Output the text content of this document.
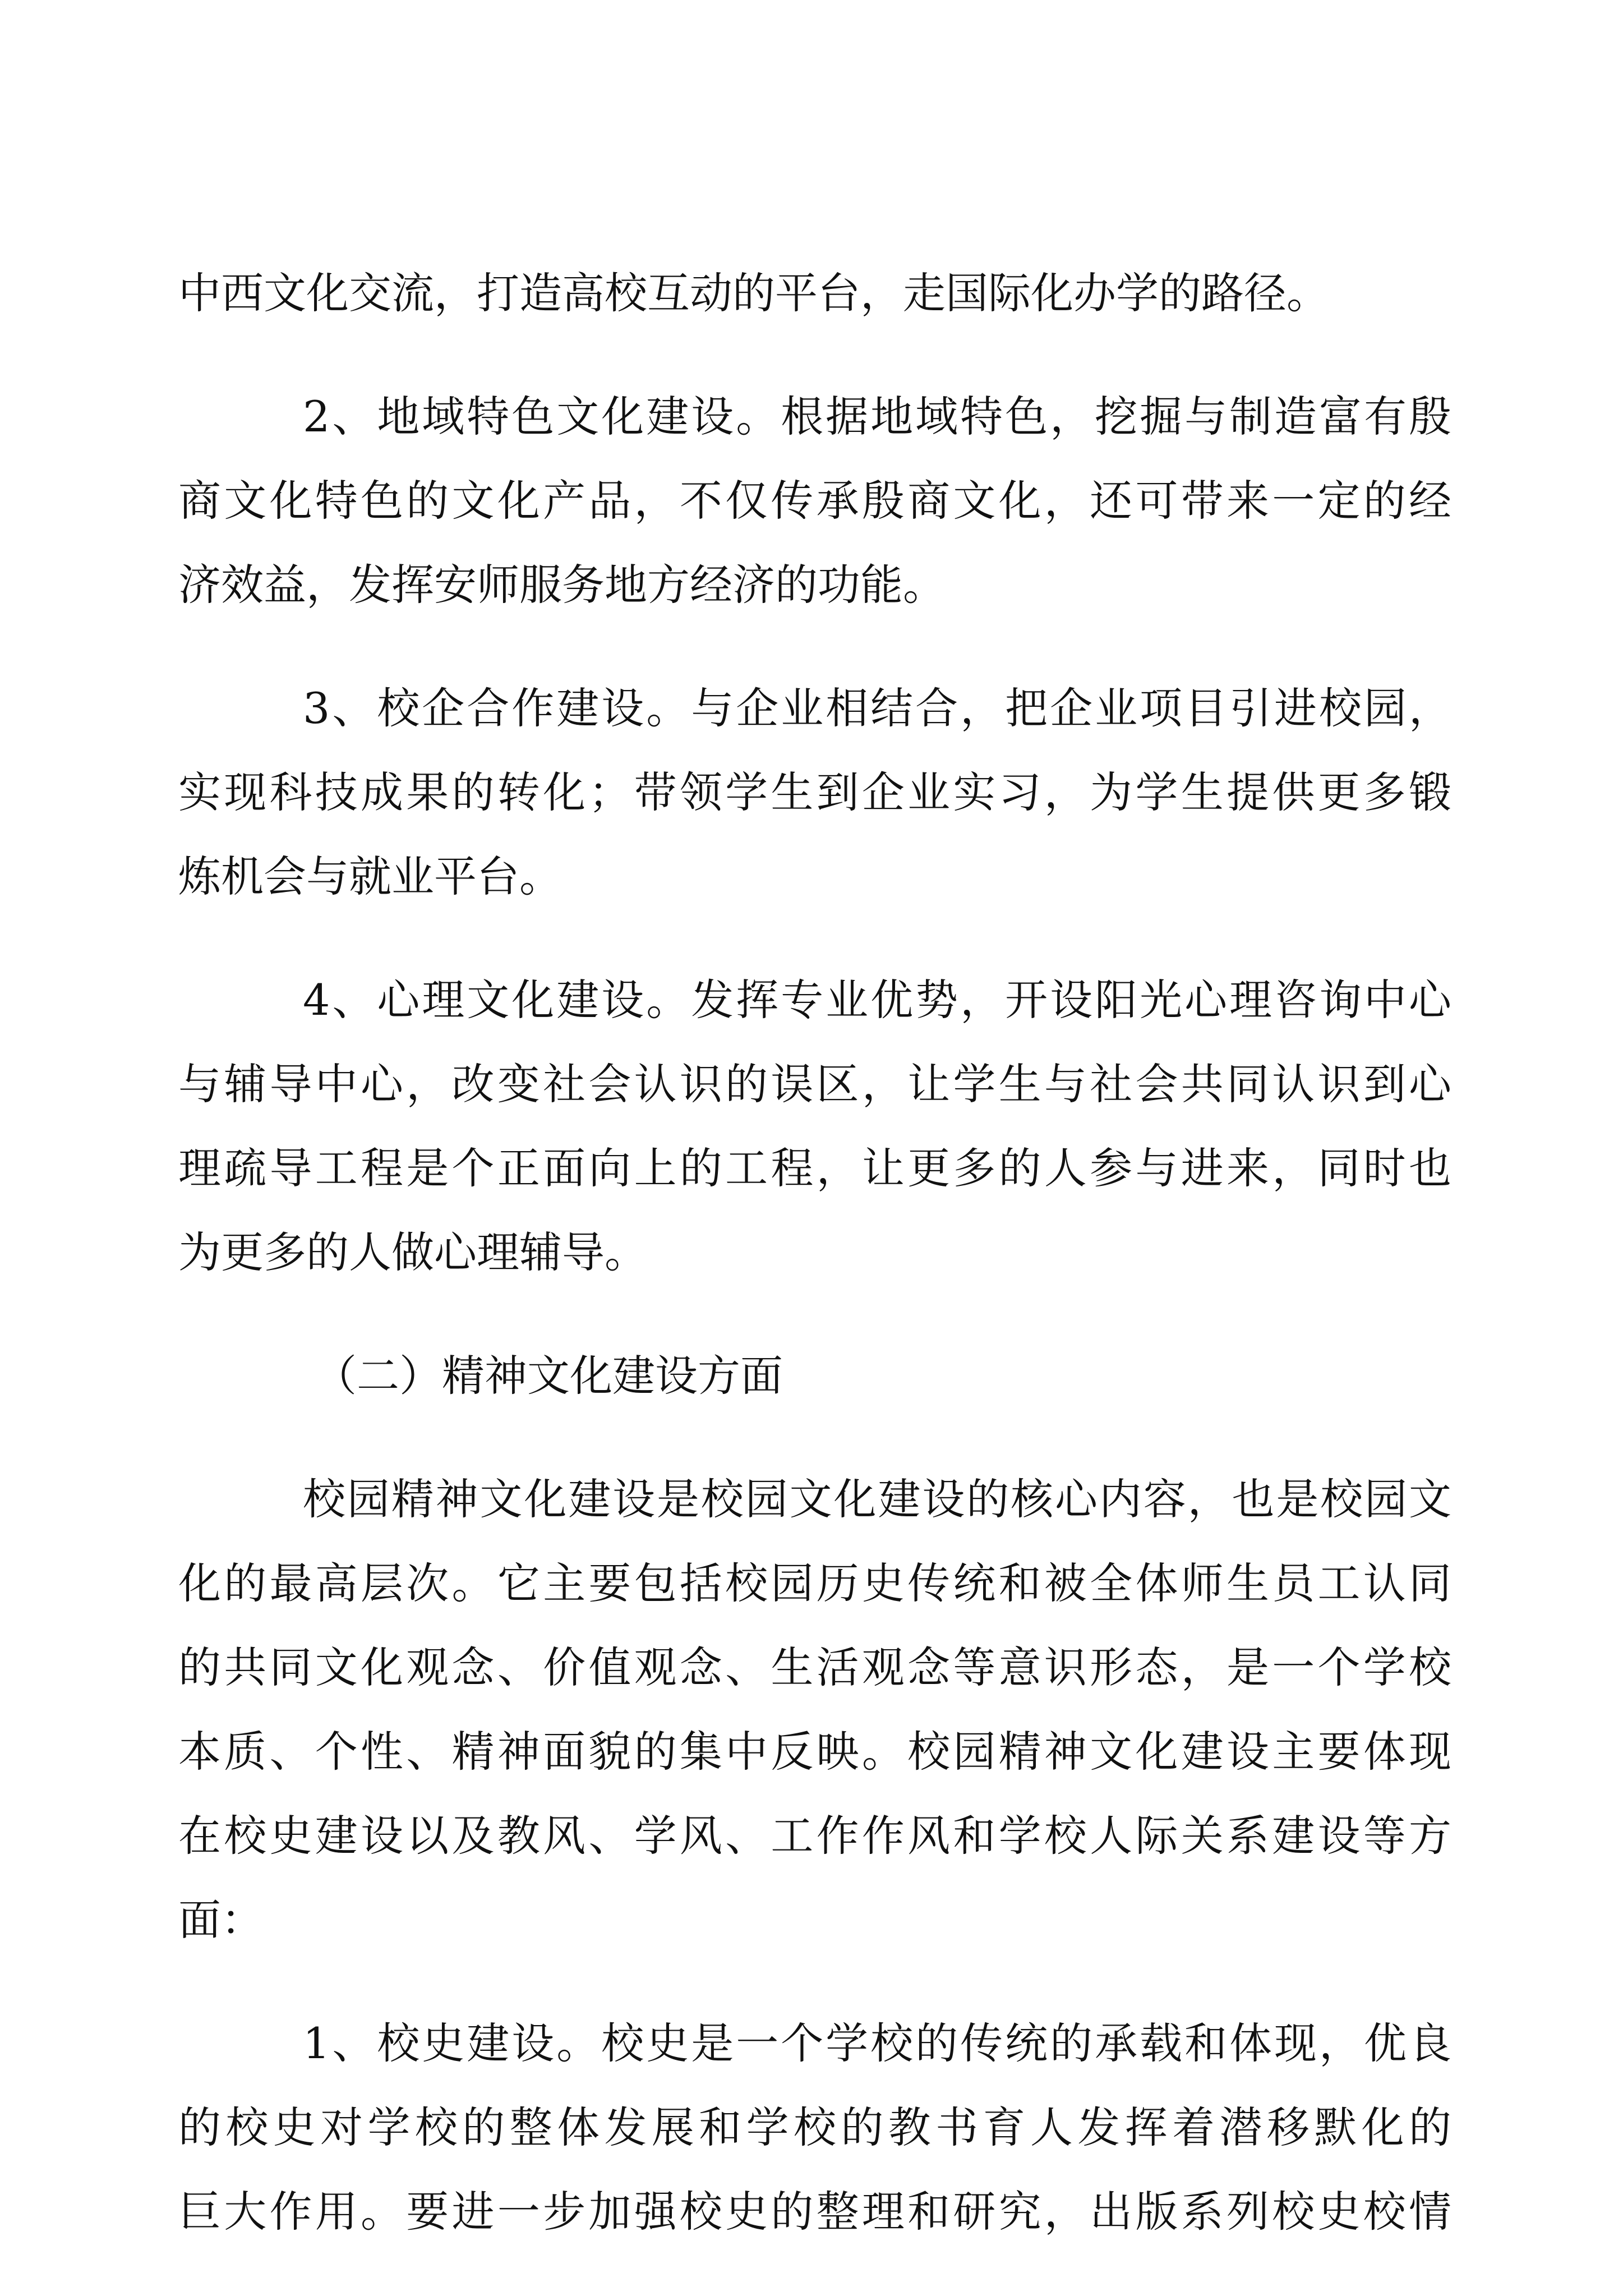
中西文化交流，打造高校互动的平台，走国际化办学的路径。

2、地域特色文化建设。根据地域特色，挖掘与制造富有殷

商文化特色的文化产品，不仅传承殷商文化，还可带来一定的经

济效益，发挥安师服务地方经济的功能。

3、校企合作建设。与企业相结合，把企业项目引进校园，

实现科技成果的转化；带领学生到企业实习，为学生提供更多锻

炼机会与就业平台。

4、心理文化建设。发挥专业优势，开设阳光心理咨询中心

与辅导中心，改变社会认识的误区，让学生与社会共同认识到心

理疏导工程是个正面向上的工程，让更多的人参与进来，同时也

为更多的人做心理辅导。

（二）精神文化建设方面

校园精神文化建设是校园文化建设的核心内容，也是校园文

化的最高层次。它主要包括校园历史传统和被全体师生员工认同

的共同文化观念、价值观念、生活观念等意识形态，是一个学校

本质、个性、精神面貌的集中反映。校园精神文化建设主要体现

在校史建设以及教风、学风、工作作风和学校人际关系建设等方

面：

1、校史建设。校史是一个学校的传统的承载和体现，优良

的校史对学校的整体发展和学校的教书育人发挥着潜移默化的

巨大作用。要进一步加强校史的整理和研究，出版系列校史校情
